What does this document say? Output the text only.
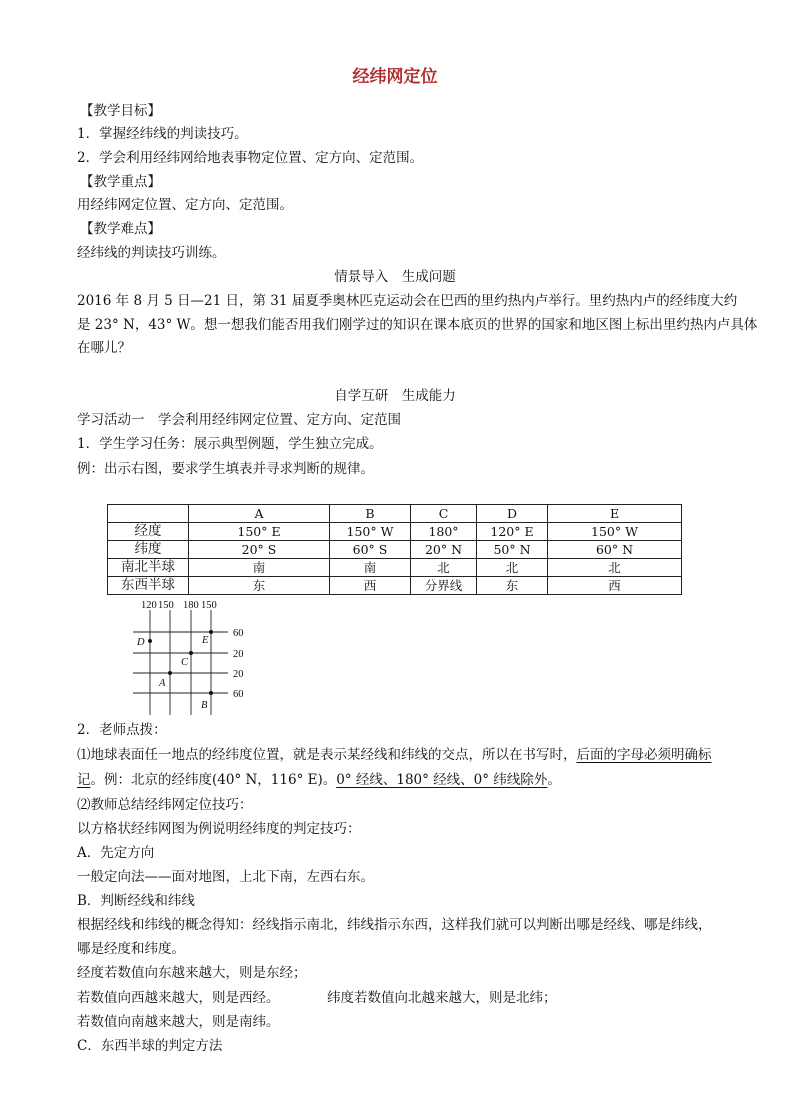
经纬网定位
【教学目标】
1．掌握经纬线的判读技巧。
2．学会利用经纬网给地表事物定位置、定方向、定范围。
【教学重点】
用经纬网定位置、定方向、定范围。
【教学难点】
经纬线的判读技巧训练。
情景导入　生成问题
2016 年 8 月 5 日—21 日，第 31 届夏季奥林匹克运动会在巴西的里约热内卢举行。里约热内卢的经纬度大约
是 23° N，43° W。想一想我们能否用我们刚学过的知识在课本底页的世界的国家和地区图上标出里约热内卢具体
在哪儿？
自学互研　生成能力
学习活动一　学会利用经纬网定位置、定方向、定范围
1．学生学习任务：展示典型例题，学生独立完成。
例：出示右图，要求学生填表并寻求判断的规律。
	A	B	C	D	E
经度	150° E	150° W	180°	120° E	150° W
纬度	20° S	60° S	20° N	50° N	60° N
南北半球	南	南	北	北	北
东西半球	东	西	分界线	东	西
120 150 180 150
60
20
20
60
D	E
C
A
B
2．老师点拨：
⑴地球表面任一地点的经纬度位置，就是表示某经线和纬线的交点，所以在书写时，后面的字母必须明确标
记。例：北京的经纬度(40° N，116° E)。0° 经线、180° 经线、0° 纬线除外。
⑵教师总结经纬网定位技巧：
以方格状经纬网图为例说明经纬度的判定技巧：
A．先定方向
一般定向法——面对地图，上北下南，左西右东。
B．判断经线和纬线
根据经线和纬线的概念得知：经线指示南北，纬线指示东西，这样我们就可以判断出哪是经线、哪是纬线，
哪是经度和纬度。
经度若数值向东越来越大，则是东经；
若数值向西越来越大，则是西经。	纬度若数值向北越来越大，则是北纬；
若数值向南越来越大，则是南纬。
C．东西半球的判定方法
